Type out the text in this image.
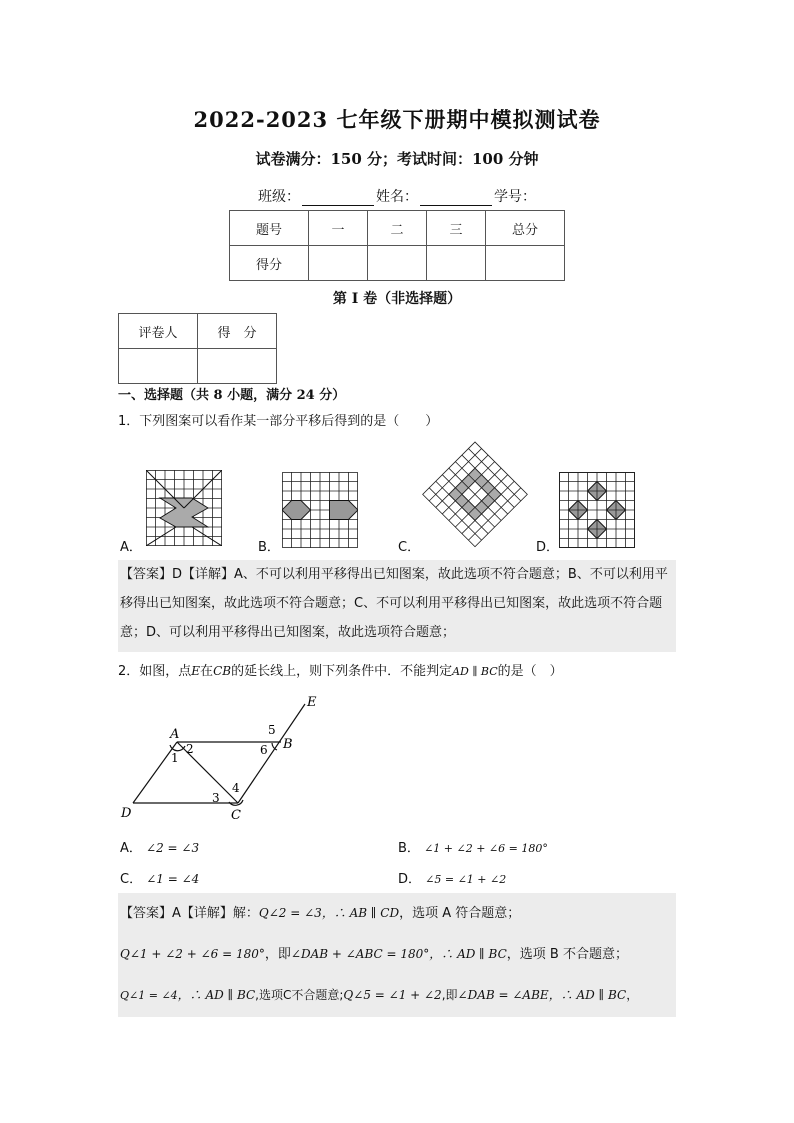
2022-2023 七年级下册期中模拟测试卷
试卷满分：150 分；考试时间：100 分钟
班级：	姓名：	学号：
题号	一	二	三	总分
得分				
第 I 卷（非选择题）
评卷人	得　分

一、选择题（共 8 小题，满分 24 分）
1．下列图案可以看作某一部分平移后得到的是（　　）
A．	B．	C．	D．

【答案】D【详解】A、不可以利用平移得出已知图案，故此选项不符合题意；B、不可以利用平移得出已知图案，故此选项不符合题意；C、不可以利用平移得出已知图案，故此选项不符合题意；D、可以利用平移得出已知图案，故此选项符合题意；

2．如图，点E在CB的延长线上，则下列条件中．不能判定AD ∥ BC的是（　）
A
B
C
D
E
1
2
3
4
5
6
A． ∠2 = ∠3	B． ∠1 + ∠2 + ∠6 = 180°
C． ∠1 = ∠4	D． ∠5 = ∠1 + ∠2

【答案】A【详解】解：Q∠2 = ∠3，∴ AB ∥ CD，选项 A 符合题意；

Q∠1 + ∠2 + ∠6 = 180°，即∠DAB + ∠ABC = 180°，∴ AD ∥ BC，选项 B 不合题意；

Q∠1 = ∠4，∴ AD ∥ BC,选项C不合题意;Q∠5 = ∠1 + ∠2,即∠DAB = ∠ABE，∴ AD ∥ BC，
